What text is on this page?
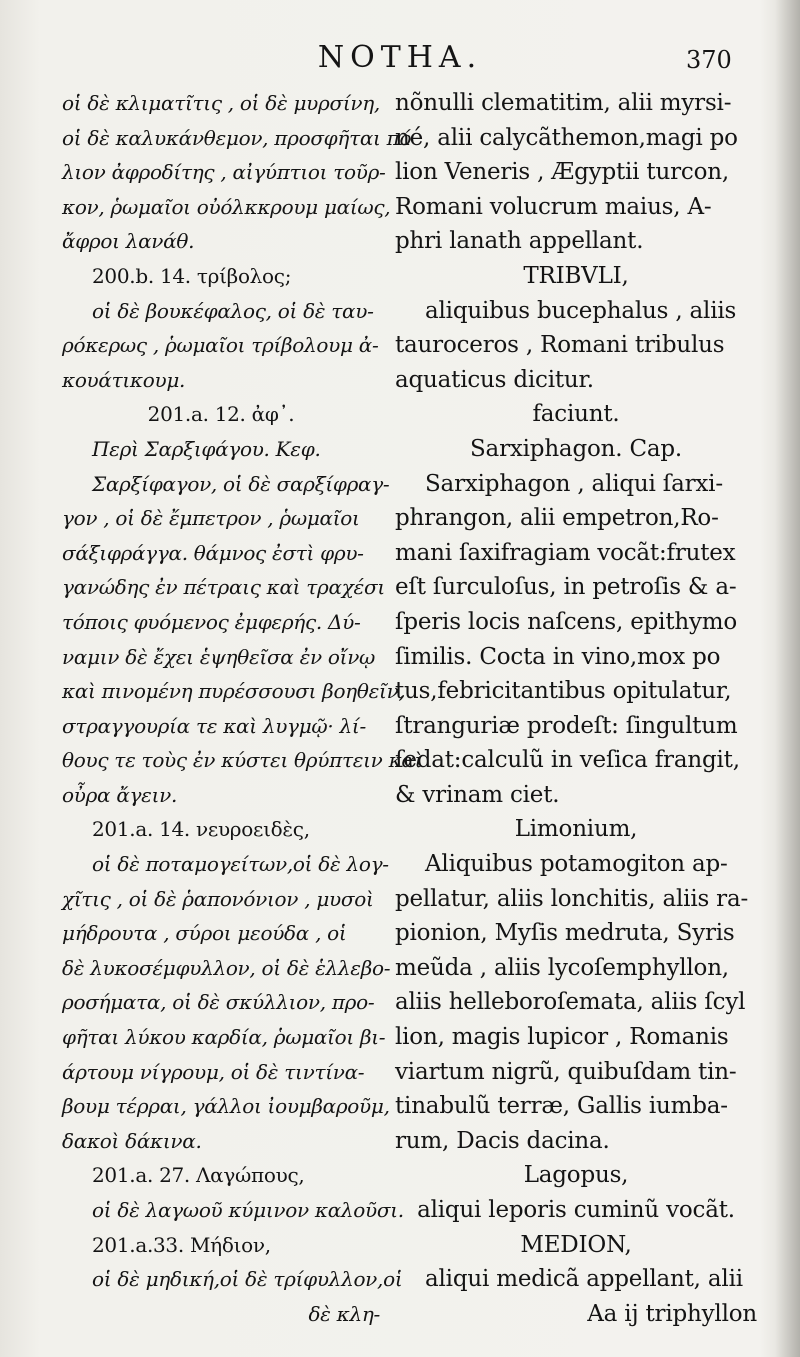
NOTHA.	370
οἱ δὲ κλιματῖτις , οἱ δὲ μυρσίνη,
οἱ δὲ καλυκάνθεμον, προσφῆται πό
λιον ἀφροδίτης , αἰγύπτιοι τοῦρ-
κον, ῥωμαῖοι οὐόλκκρουμ μαίως,
ἄφροι λανάθ.
200.b. 14. τρίβολος;
οἱ δὲ βουκέφαλος, οἱ δὲ ταυ-
ρόκερως , ῥωμαῖοι τρίβολουμ ἀ-
κουάτικουμ.
201.a. 12. ἀφ᾽.
Περὶ Σαρξιφάγου. Κεφ.
Σαρξίφαγον, οἱ δὲ σαρξίφραγ-
γον , οἱ δὲ ἔμπετρον , ῥωμαῖοι
σάξιφράγγα. θάμνος ἐστὶ φρυ-
γανώδης ἐν πέτραις καὶ τραχέσι
τόποις φυόμενος ἐμφερής. Δύ-
ναμιν δὲ ἔχει ἑψηθεῖσα ἐν οἴνῳ
καὶ πινομένη πυρέσσουσι βοηθεῖν,
στραγγουρία τε καὶ λυγμῷ· λί-
θους τε τοὺς ἐν κύστει θρύπτειν καὶ
οὖρα ἄγειν.
201.a. 14. νευροειδὲς,
οἱ δὲ ποταμογείτων,οἱ δὲ λογ-
χῖτις , οἱ δὲ ῥαπονόνιον , μυσοὶ
μήδρουτα , σύροι μεούδα , οἱ
δὲ λυκοσέμφυλλον, οἱ δὲ ἑλλεβο-
ροσήματα, οἱ δὲ σκύλλιον, προ-
φῆται λύκου καρδία, ῥωμαῖοι βι-
άρτουμ νίγρουμ, οἱ δὲ τιντίνα-
βουμ τέρραι, γάλλοι ἰουμβαροῦμ,
δακοὶ δάκινα.
201.a. 27. Λαγώπους,
οἱ δὲ λαγωοῦ κύμινον καλοῦσι.
201.a.33. Μήδιον,
οἱ δὲ μηδική,οἱ δὲ τρίφυλλον,οἱ
δὲ κλη-
nõnulli clematitim, alii myrsi-
né, alii calycãthemon,magi po
lion Veneris , Ægyptii turcon,
Romani volucrum maius, A-
phri lanath appellant.
TRIBVLI,
aliquibus bucephalus , aliis
tauroceros , Romani tribulus
aquaticus dicitur.
faciunt.
Sarxiphagon. Cap.
Sarxiphagon , aliqui ſarxi-
phrangon, alii empetron,Ro-
mani ſaxifragiam vocãt:frutex
eſt ſurculoſus, in petroſis & a-
ſperis locis naſcens, epithymo
ſimilis. Cocta in vino,mox po
tus,febricitantibus opitulatur,
ſtranguriæ prodeſt: ſingultum
ſedat:calculũ in veſica frangit,
& vrinam ciet.
Limonium,
Aliquibus potamogiton ap-
pellatur, aliis lonchitis, aliis ra-
pionion, Myſis medruta, Syris
meũda , aliis lycoſemphyllon,
aliis helleboroſemata, aliis ſcyl
lion, magis lupicor , Romanis
viartum nigrũ, quibuſdam tin-
tinabulũ terræ, Gallis iumba-
rum, Dacis dacina.
Lagopus,
aliqui leporis cuminũ vocãt.
MEDION,
aliqui medicã appellant, alii
Aa ij triphyllon
